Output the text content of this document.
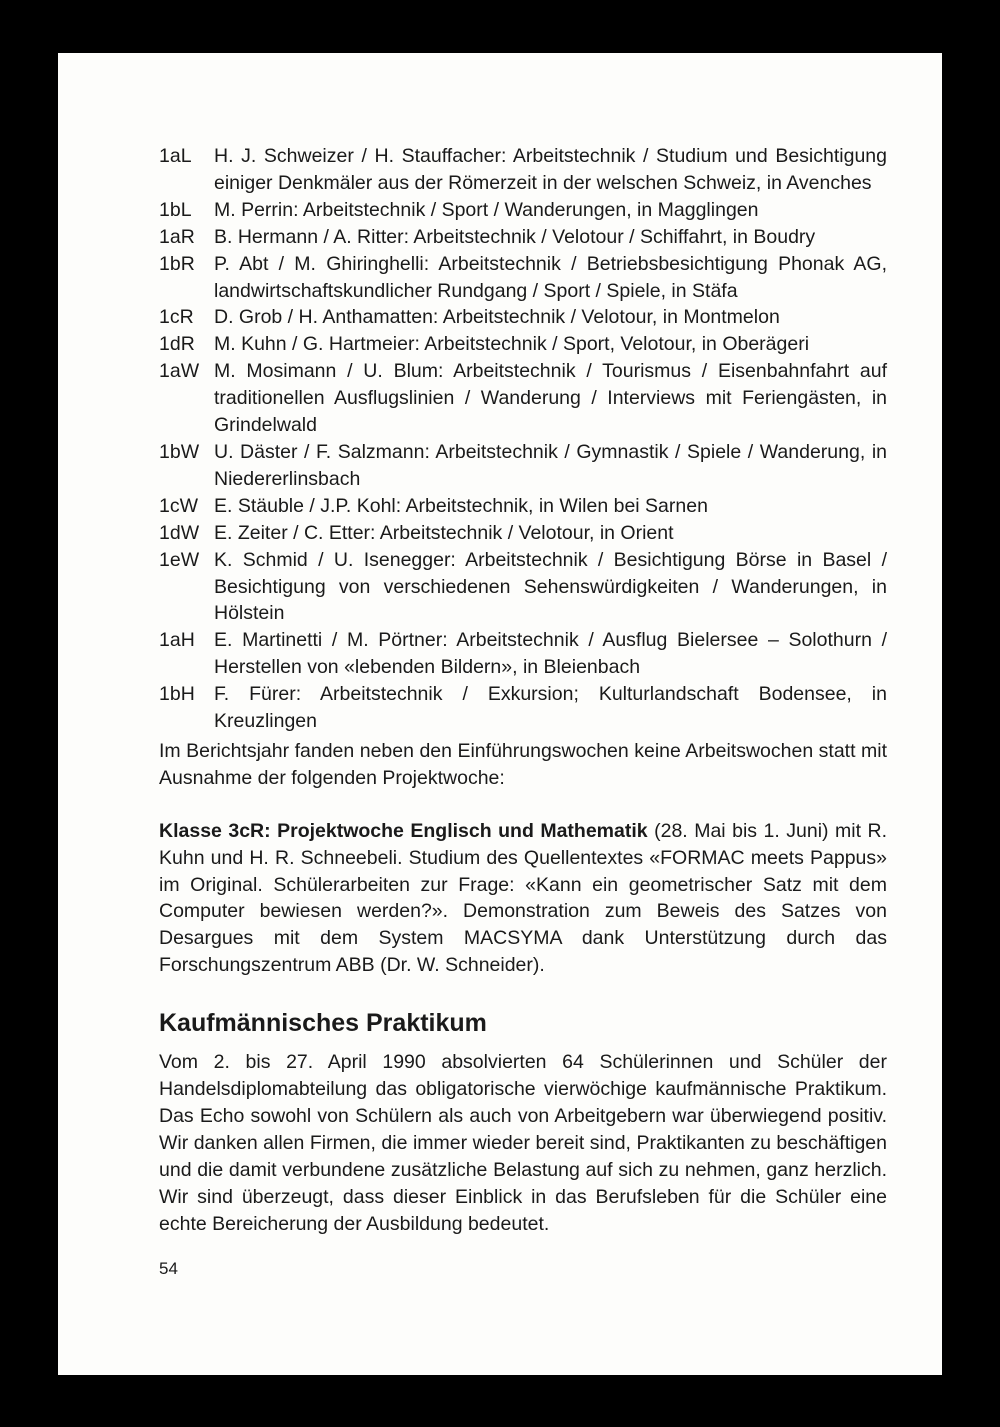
1aL	H. J. Schweizer / H. Stauffacher: Arbeitstechnik / Studium und Besichtigung einiger Denkmäler aus der Römerzeit in der welschen Schweiz, in Avenches
1bL	M. Perrin: Arbeitstechnik / Sport / Wanderungen, in Magglingen
1aR B. Hermann / A. Ritter: Arbeitstechnik / Velotour / Schiffahrt, in Boudry
1bR P. Abt / M. Ghiringhelli: Arbeitstechnik / Betriebsbesichtigung Phonak AG, landwirtschaftskundlicher Rundgang / Sport / Spiele, in Stäfa
1cR	D. Grob / H. Anthamatten: Arbeitstechnik / Velotour, in Montmelon
1dR M. Kuhn / G. Hartmeier: Arbeitstechnik / Sport, Velotour, in Oberägeri
1aW M. Mosimann / U. Blum: Arbeitstechnik / Tourismus / Eisenbahnfahrt auf traditionellen Ausflugslinien / Wanderung / Interviews mit Feriengästen, in Grindelwald
1bW U. Däster / F. Salzmann: Arbeitstechnik / Gymnastik / Spiele / Wanderung, in Niedererlinsbach
1cW E. Stäuble / J.P. Kohl: Arbeitstechnik, in Wilen bei Sarnen
1dW E. Zeiter / C. Etter: Arbeitstechnik / Velotour, in Orient
1eW K. Schmid / U. Isenegger: Arbeitstechnik / Besichtigung Börse in Basel / Besichtigung von verschiedenen Sehenswürdigkeiten / Wanderungen, in Hölstein
1aH E. Martinetti / M. Pörtner: Arbeitstechnik / Ausflug Bielersee – Solothurn / Herstellen von «lebenden Bildern», in Bleienbach
1bH F. Fürer: Arbeitstechnik / Exkursion; Kulturlandschaft Bodensee, in Kreuzlingen

Im Berichtsjahr fanden neben den Einführungswochen keine Arbeitswochen statt mit Ausnahme der folgenden Projektwoche:

Klasse 3cR: Projektwoche Englisch und Mathematik (28. Mai bis 1. Juni) mit R. Kuhn und H. R. Schneebeli. Studium des Quellentextes «FORMAC meets Pappus» im Original. Schülerarbeiten zur Frage: «Kann ein geometrischer Satz mit dem Computer bewiesen werden?». Demonstration zum Beweis des Satzes von Desargues mit dem System MACSYMA dank Unterstützung durch das Forschungszentrum ABB (Dr. W. Schneider).

Kaufmännisches Praktikum

Vom 2. bis 27. April 1990 absolvierten 64 Schülerinnen und Schüler der Handelsdiplomabteilung das obligatorische vierwöchige kaufmännische Praktikum. Das Echo sowohl von Schülern als auch von Arbeitgebern war überwiegend positiv. Wir danken allen Firmen, die immer wieder bereit sind, Praktikanten zu beschäftigen und die damit verbundene zusätzliche Belastung auf sich zu nehmen, ganz herzlich. Wir sind überzeugt, dass dieser Einblick in das Berufsleben für die Schüler eine echte Bereicherung der Ausbildung bedeutet.

54
